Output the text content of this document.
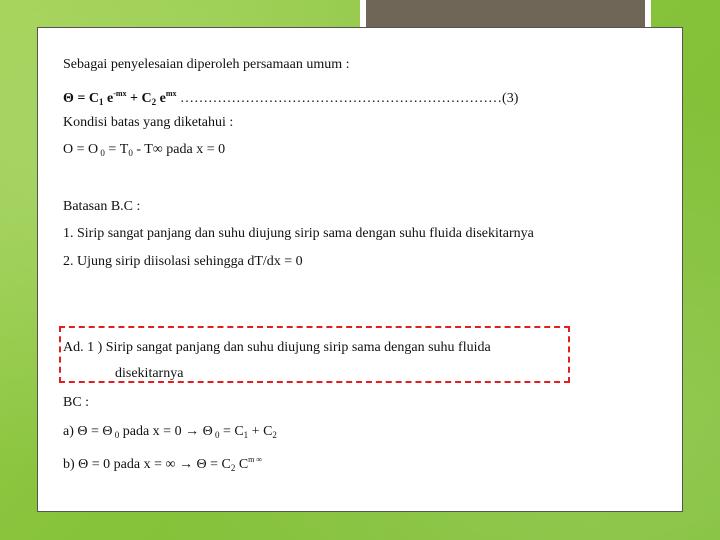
Sebagai penyelesaian diperoleh persamaan umum :
$\Theta = C_1$ $e^{-mx} + C_2$ $e^{mx}$ ……………………………………………………………(3)
Kondisi batas yang diketahui :
Ο = Ο $_0 = T_0 - T\infty$ pada x = 0
Batasan B.C :
1. Sirip sangat panjang dan suhu diujung sirip sama dengan suhu fluida disekitarnya
2. Ujung sirip diisolasi sehingga dT/dx = 0
Ad. 1 ) Sirip sangat panjang dan suhu diujung sirip sama dengan suhu fluida
disekitarnya
BC :
a) Θ = Θ $_0$ pada x = 0 → Θ $_0 = C_1 + C_2$
b) Θ = 0 pada x = ∞ → $\Theta = C_2$ $C^{m \infty}$
